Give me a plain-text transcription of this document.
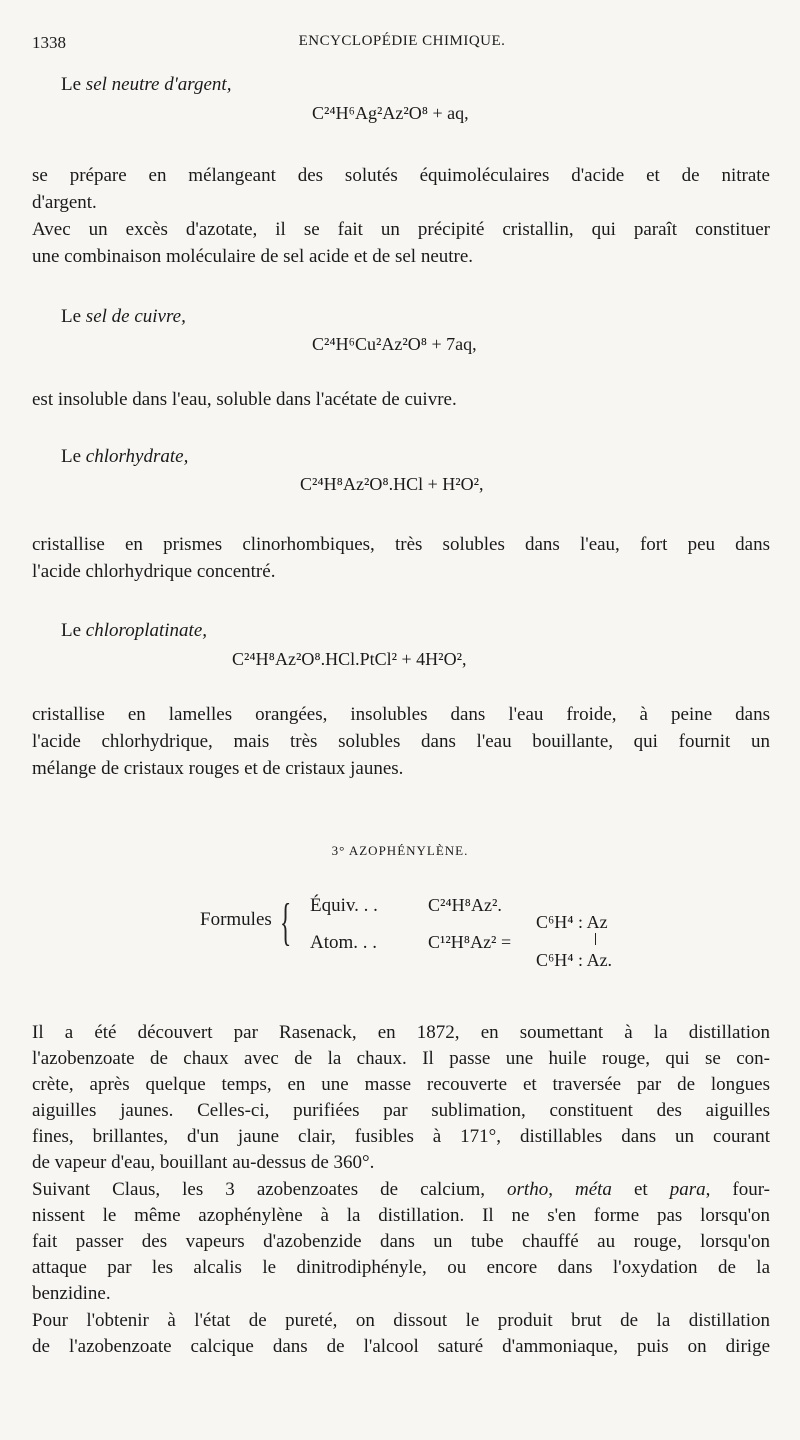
1338	ENCYCLOPÉDIE CHIMIQUE.
Le sel neutre d'argent,
C²⁴H⁶Ag²Az²O⁸ + aq,
se prépare en mélangeant des solutés équimoléculaires d'acide et de nitrate
d'argent.
Avec un excès d'azotate, il se fait un précipité cristallin, qui paraît constituer
une combinaison moléculaire de sel acide et de sel neutre.
Le sel de cuivre,
C²⁴H⁶Cu²Az²O⁸ + 7aq,
est insoluble dans l'eau, soluble dans l'acétate de cuivre.
Le chlorhydrate,
C²⁴H⁸Az²O⁸.HCl + H²O²,
cristallise en prismes clinorhombiques, très solubles dans l'eau, fort peu dans
l'acide chlorhydrique concentré.
Le chloroplatinate,
C²⁴H⁸Az²O⁸.HCl.PtCl² + 4H²O²,
cristallise en lamelles orangées, insolubles dans l'eau froide, à peine dans
l'acide chlorhydrique, mais très solubles dans l'eau bouillante, qui fournit un
mélange de cristaux rouges et de cristaux jaunes.
3° AZOPHÉNYLÈNE.
Formules { Équiv. . .	C²⁴H⁸Az².
Atom. . .	C¹²H⁸Az² =
C⁶H⁴ : Az
C⁶H⁴ : Az.
Il a été découvert par Rasenack, en 1872, en soumettant à la distillation
l'azobenzoate de chaux avec de la chaux. Il passe une huile rouge, qui se con-
crète, après quelque temps, en une masse recouverte et traversée par de longues
aiguilles jaunes. Celles-ci, purifiées par sublimation, constituent des aiguilles
fines, brillantes, d'un jaune clair, fusibles à 171°, distillables dans un courant
de vapeur d'eau, bouillant au-dessus de 360°.
Suivant Claus, les 3 azobenzoates de calcium, ortho, méta et para, four-
nissent le même azophénylène à la distillation. Il ne s'en forme pas lorsqu'on
fait passer des vapeurs d'azobenzide dans un tube chauffé au rouge, lorsqu'on
attaque par les alcalis le dinitrodiphényle, ou encore dans l'oxydation de la
benzidine.
Pour l'obtenir à l'état de pureté, on dissout le produit brut de la distillation
de l'azobenzoate calcique dans de l'alcool saturé d'ammoniaque, puis on dirige
